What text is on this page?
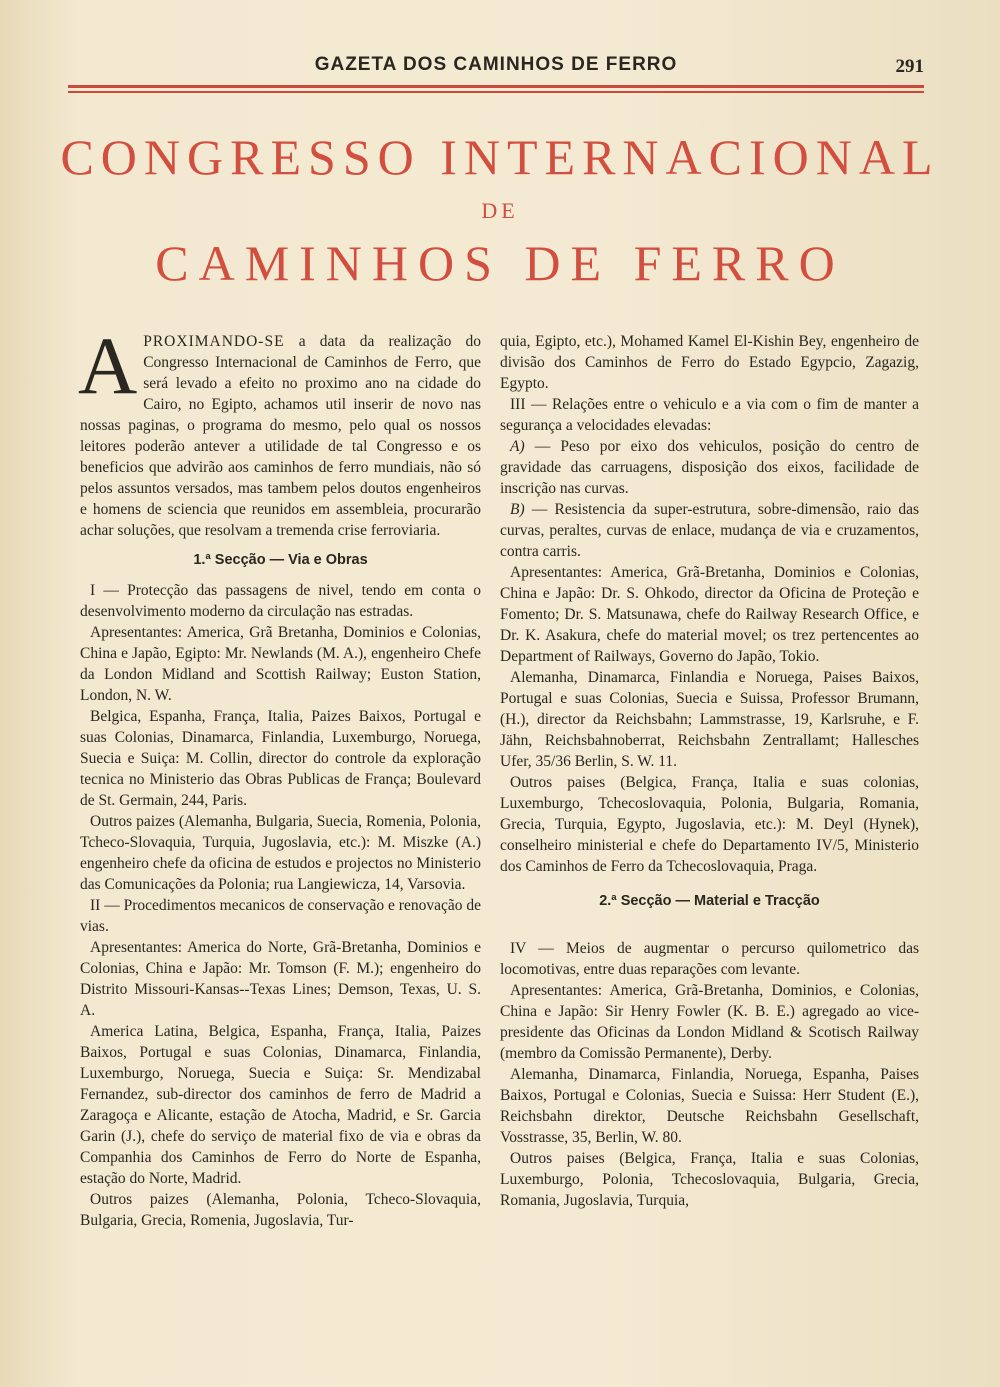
GAZETA DOS CAMINHOS DE FERRO	291
CONGRESSO INTERNACIONAL
DE
CAMINHOS DE FERRO

APROXIMANDO-SE a data da realização do Congresso Internacional de Caminhos de Ferro, que será levado a efeito no proximo ano na cidade do Cairo, no Egipto, achamos util inserir de novo nas nossas paginas, o programa do mesmo, pelo qual os nossos leitores poderão antever a utilidade de tal Congresso e os beneficios que advirão aos caminhos de ferro mundiais, não só pelos assuntos versados, mas tambem pelos doutos engenheiros e homens de sciencia que reunidos em assembleia, procurarão achar soluções, que resolvam a tremenda crise ferroviaria.

1.ª Secção — Via e Obras

I — Protecção das passagens de nivel, tendo em conta o desenvolvimento moderno da circulação nas estradas.

Apresentantes: America, Grã Bretanha, Dominios e Colonias, China e Japão, Egipto: Mr. Newlands (M. A.), engenheiro Chefe da London Midland and Scottish Railway; Euston Station, London, N. W.

Belgica, Espanha, França, Italia, Paizes Baixos, Portugal e suas Colonias, Dinamarca, Finlandia, Luxemburgo, Noruega, Suecia e Suiça: M. Collin, director do controle da exploração tecnica no Ministerio das Obras Publicas de França; Boulevard de St. Germain, 244, Paris.

Outros paizes (Alemanha, Bulgaria, Suecia, Romenia, Polonia, Tcheco-Slovaquia, Turquia, Jugoslavia, etc.): M. Miszke (A.) engenheiro chefe da oficina de estudos e projectos no Ministerio das Comunicações da Polonia; rua Langiewicza, 14, Varsovia.

II — Procedimentos mecanicos de conservação e renovação de vias.

Apresentantes: America do Norte, Grã-Bretanha, Dominios e Colonias, China e Japão: Mr. Tomson (F. M.); engenheiro do Distrito Missouri-Kansas--Texas Lines; Demson, Texas, U. S. A.

America Latina, Belgica, Espanha, França, Italia, Paizes Baixos, Portugal e suas Colonias, Dinamarca, Finlandia, Luxemburgo, Noruega, Suecia e Suiça: Sr. Mendizabal Fernandez, sub-director dos caminhos de ferro de Madrid a Zaragoça e Alicante, estação de Atocha, Madrid, e Sr. Garcia Garin (J.), chefe do serviço de material fixo de via e obras da Companhia dos Caminhos de Ferro do Norte de Espanha, estação do Norte, Madrid.

Outros paizes (Alemanha, Polonia, Tcheco-Slovaquia, Bulgaria, Grecia, Romenia, Jugoslavia, Tur-

quia, Egipto, etc.), Mohamed Kamel El-Kishin Bey, engenheiro de divisão dos Caminhos de Ferro do Estado Egypcio, Zagazig, Egypto.

III — Relações entre o vehiculo e a via com o fim de manter a segurança a velocidades elevadas:

A) — Peso por eixo dos vehiculos, posição do centro de gravidade das carruagens, disposição dos eixos, facilidade de inscrição nas curvas.

B) — Resistencia da super-estrutura, sobre-dimensão, raio das curvas, peraltes, curvas de enlace, mudança de via e cruzamentos, contra carris.

Apresentantes: America, Grã-Bretanha, Dominios e Colonias, China e Japão: Dr. S. Ohkodo, director da Oficina de Proteção e Fomento; Dr. S. Matsunawa, chefe do Railway Research Office, e Dr. K. Asakura, chefe do material movel; os trez pertencentes ao Department of Railways, Governo do Japão, Tokio.

Alemanha, Dinamarca, Finlandia e Noruega, Paises Baixos, Portugal e suas Colonias, Suecia e Suissa, Professor Brumann, (H.), director da Reichsbahn; Lammstrasse, 19, Karlsruhe, e F. Jähn, Reichsbahnoberrat, Reichsbahn Zentrallamt; Hallesches Ufer, 35/36 Berlin, S. W. 11.

Outros paises (Belgica, França, Italia e suas colonias, Luxemburgo, Tchecoslovaquia, Polonia, Bulgaria, Romania, Grecia, Turquia, Egypto, Jugoslavia, etc.): M. Deyl (Hynek), conselheiro ministerial e chefe do Departamento IV/5, Ministerio dos Caminhos de Ferro da Tchecoslovaquia, Praga.

2.ª Secção — Material e Tracção

IV — Meios de augmentar o percurso quilometrico das locomotivas, entre duas reparações com levante.

Apresentantes: America, Grã-Bretanha, Dominios, e Colonias, China e Japão: Sir Henry Fowler (K. B. E.) agregado ao vice-presidente das Oficinas da London Midland & Scotisch Railway (membro da Comissão Permanente), Derby.

Alemanha, Dinamarca, Finlandia, Noruega, Espanha, Paises Baixos, Portugal e Colonias, Suecia e Suissa: Herr Student (E.), Reichsbahn direktor, Deutsche Reichsbahn Gesellschaft, Vosstrasse, 35, Berlin, W. 80.

Outros paises (Belgica, França, Italia e suas Colonias, Luxemburgo, Polonia, Tchecoslovaquia, Bulgaria, Grecia, Romania, Jugoslavia, Turquia,
